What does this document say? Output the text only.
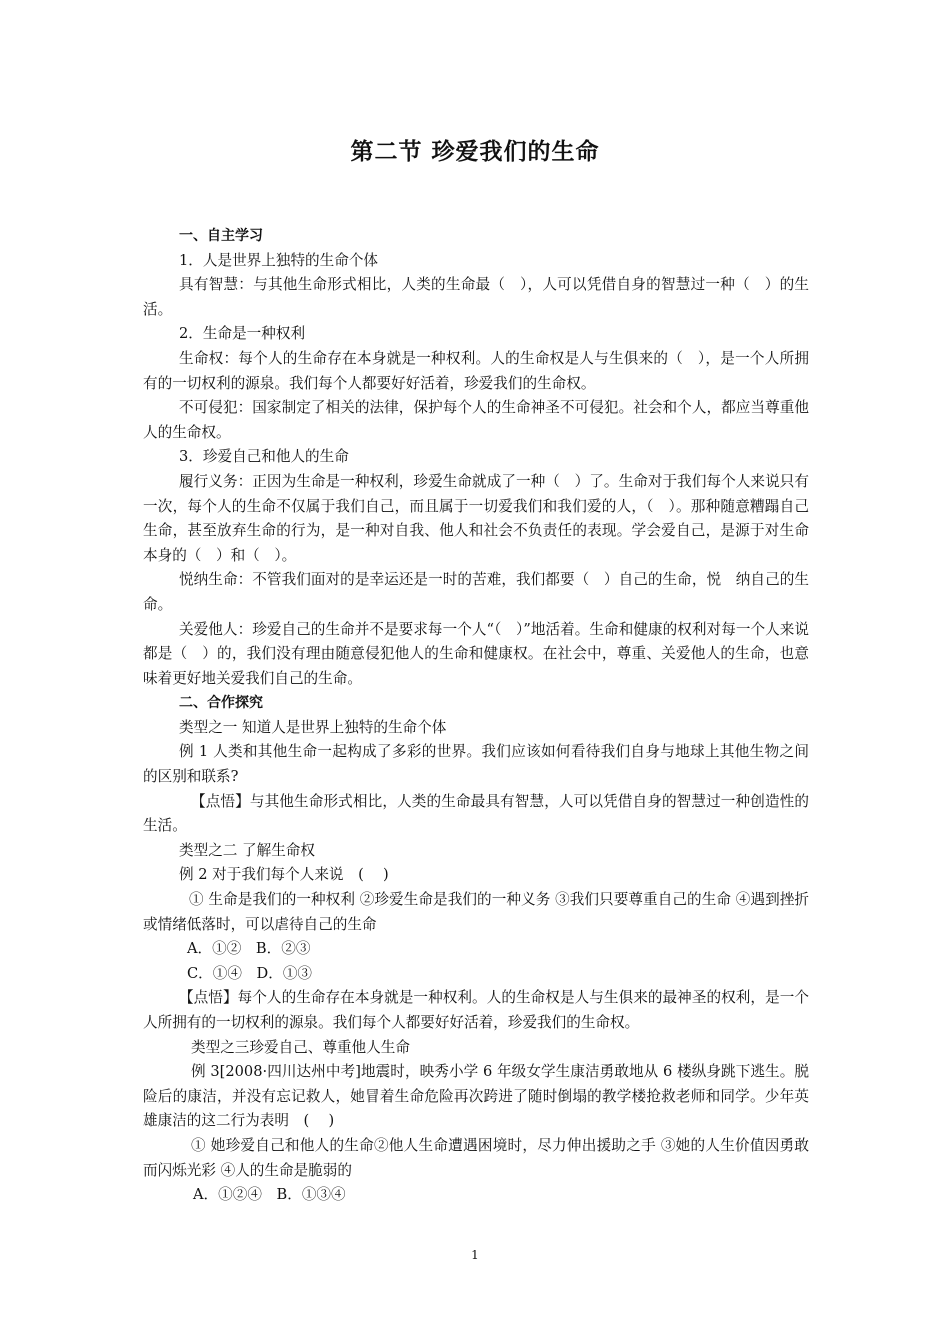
第二节 珍爱我们的生命

一、自主学习

1．人是世界上独特的生命个体

具有智慧：与其他生命形式相比，人类的生命最（　），人可以凭借自身的智慧过一种（　）的生活。

2．生命是一种权利

生命权：每个人的生命存在本身就是一种权利。人的生命权是人与生俱来的（　），是一个人所拥有的一切权利的源泉。我们每个人都要好好活着，珍爱我们的生命权。

不可侵犯：国家制定了相关的法律，保护每个人的生命神圣不可侵犯。社会和个人，都应当尊重他人的生命权。

3．珍爱自己和他人的生命

履行义务：正因为生命是一种权利，珍爱生命就成了一种（　）了。生命对于我们每个人来说只有一次，每个人的生命不仅属于我们自己，而且属于一切爱我们和我们爱的人，（　）。那种随意糟蹋自己生命，甚至放弃生命的行为，是一种对自我、他人和社会不负责任的表现。学会爱自己，是源于对生命本身的（　）和（　）。

悦纳生命：不管我们面对的是幸运还是一时的苦难，我们都要（　）自己的生命，悦　纳自己的生命。

关爱他人：珍爱自己的生命并不是要求每一个人“（　）”地活着。生命和健康的权利对每一个人来说都是（　）的，我们没有理由随意侵犯他人的生命和健康权。在社会中，尊重、关爱他人的生命，也意味着更好地关爱我们自己的生命。

二、合作探究

类型之一 知道人是世界上独特的生命个体

例 1 人类和其他生命一起构成了多彩的世界。我们应该如何看待我们自身与地球上其他生物之间的区别和联系?

【点悟】与其他生命形式相比，人类的生命最具有智慧，人可以凭借自身的智慧过一种创造性的生活。

类型之二 了解生命权

例 2 对于我们每个人来说　( 　)

① 生命是我们的一种权利 ②珍爱生命是我们的一种义务 ③我们只要尊重自己的生命 ④遇到挫折或情绪低落时，可以虐待自己的生命

A．①②　B．②③

C．①④　D．①③

【点悟】每个人的生命存在本身就是一种权利。人的生命权是人与生俱来的最神圣的权利，是一个人所拥有的一切权利的源泉。我们每个人都要好好活着，珍爱我们的生命权。

类型之三珍爱自己、尊重他人生命

例 3[2008·四川达州中考]地震时，映秀小学 6 年级女学生康洁勇敢地从 6 楼纵身跳下逃生。脱险后的康洁，并没有忘记救人，她冒着生命危险再次跨进了随时倒塌的教学楼抢救老师和同学。少年英雄康洁的这二行为表明　( 　)

① 她珍爱自己和他人的生命②他人生命遭遇困境时，尽力伸出援助之手 ③她的人生价值因勇敢而闪烁光彩 ④人的生命是脆弱的

A．①②④　B．①③④

1
